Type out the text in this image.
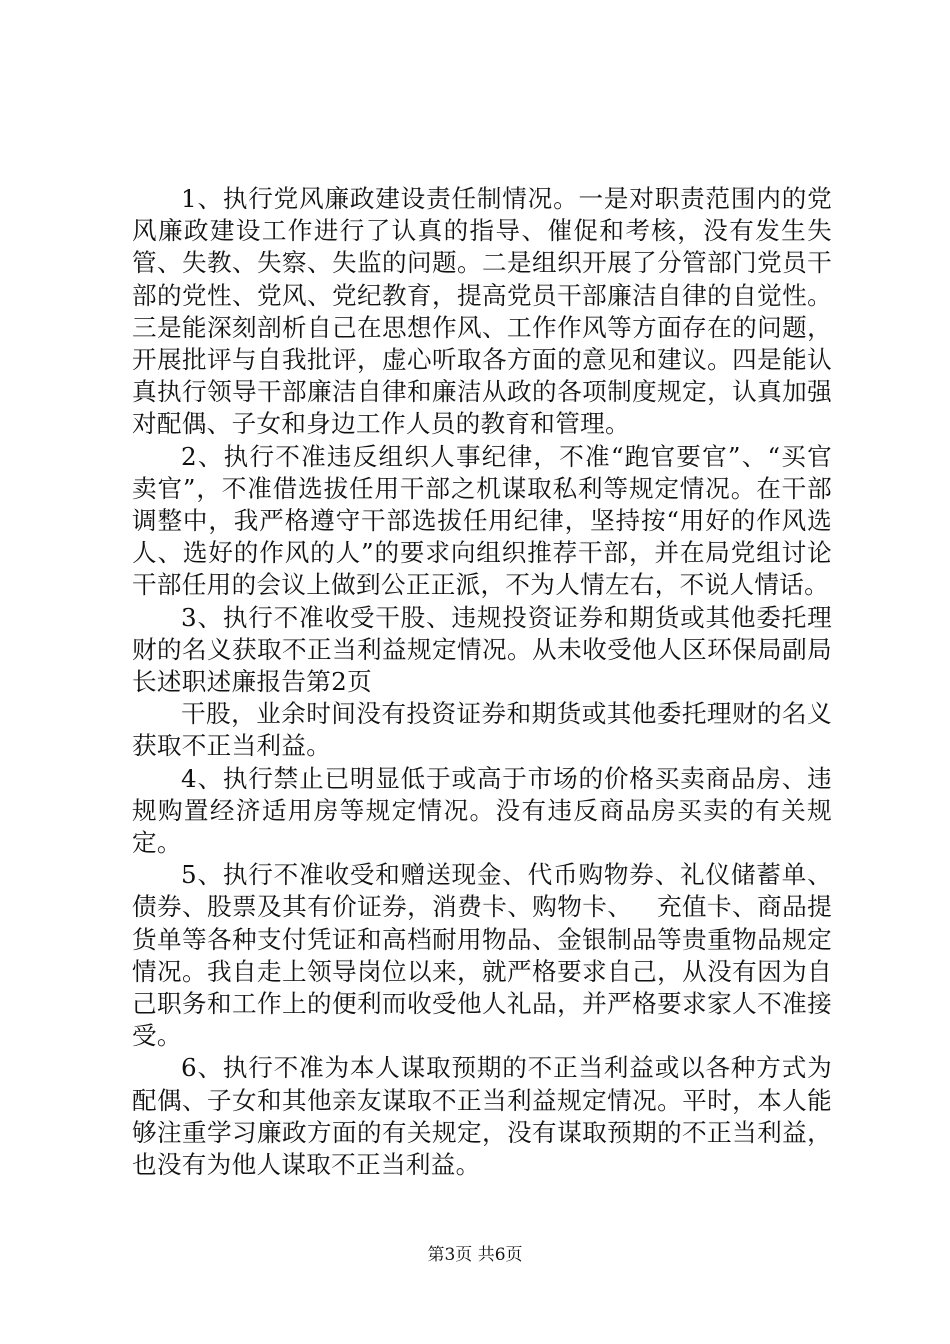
1、执行党风廉政建设责任制情况。一是对职责范围内的党风廉政建设工作进行了认真的指导、催促和考核，没有发生失管、失教、失察、失监的问题。二是组织开展了分管部门党员干部的党性、党风、党纪教育，提高党员干部廉洁自律的自觉性。三是能深刻剖析自己在思想作风、工作作风等方面存在的问题，开展批评与自我批评，虚心听取各方面的意见和建议。四是能认真执行领导干部廉洁自律和廉洁从政的各项制度规定，认真加强对配偶、子女和身边工作人员的教育和管理。

2、执行不准违反组织人事纪律，不准“跑官要官”、“买官卖官”，不准借选拔任用干部之机谋取私利等规定情况。在干部调整中，我严格遵守干部选拔任用纪律，坚持按“用好的作风选人、选好的作风的人”的要求向组织推荐干部，并在局党组讨论干部任用的会议上做到公正正派，不为人情左右，不说人情话。

3、执行不准收受干股、违规投资证券和期货或其他委托理财的名义获取不正当利益规定情况。从未收受他人区环保局副局长述职述廉报告第2页

干股，业余时间没有投资证券和期货或其他委托理财的名义获取不正当利益。

4、执行禁止已明显低于或高于市场的价格买卖商品房、违规购置经济适用房等规定情况。没有违反商品房买卖的有关规定。

5、执行不准收受和赠送现金、代币购物券、礼仪储蓄单、债券、股票及其有价证券，消费卡、购物卡、   充值卡、商品提货单等各种支付凭证和高档耐用物品、金银制品等贵重物品规定情况。我自走上领导岗位以来，就严格要求自己，从没有因为自己职务和工作上的便利而收受他人礼品，并严格要求家人不准接受。

6、执行不准为本人谋取预期的不正当利益或以各种方式为配偶、子女和其他亲友谋取不正当利益规定情况。平时，本人能够注重学习廉政方面的有关规定，没有谋取预期的不正当利益，也没有为他人谋取不正当利益。

第3页 共6页
